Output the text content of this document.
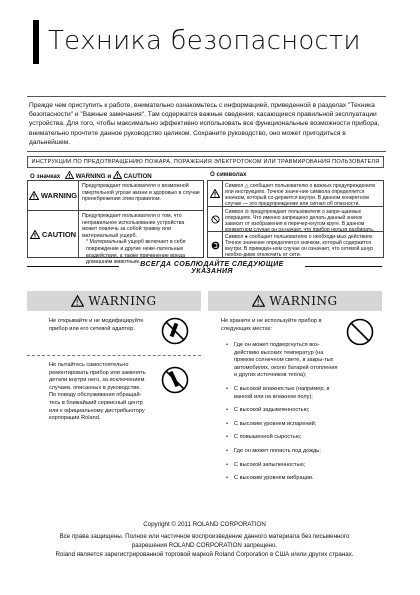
Техника безопасности
Прежде чем приступить к работе, внимательно ознакомьтесь с информацией, приведенной в разделах "Техника безопасности" и "Важные замечания". Там содержатся важные сведения, касающиеся правильной эксплуатации устройства. Для того, чтобы максимально эффективно использовать все функциональные возможности прибора, внимательно прочтите данное руководство целиком. Сохраните руководство, оно может пригодиться в дальнейшем.
ИНСТРУКЦИИ ПО ПРЕДОТВРАЩЕНИЮ ПОЖАРА, ПОРАЖЕНИЯ ЭЛЕКТРОТОКОМ ИЛИ ТРАВМИРОВАНИЯ ПОЛЬЗОВАТЕЛЯ
О значках ! WARNING и ! CAUTION
! WARNING
Предупреждает пользователя о возможной смертельной угрозе жизни и здоровью в случае пренебрежения этим правилом.
! CAUTION
Предупреждает пользователя о том, что неправильное использование устройства может повлечь за собой травму или материальный ущерб.
* Материальный ущерб включает в себя повреждение и другие неже-лательные воздействия, а также причинение вреда домашним животным.
О символах
!
Символ △ сообщает пользователю о важных предупреждениях или инструкциях. Точное значе-ние символа определяется значком, который со-держится внутри. В данном конкретном случае — это предупреждение или сигнал об опасности.
Символ ⊘ предупреждает пользователя о запре-щаемых операциях. Что именно запрещено делать данный значок зависит от изображения в перечер-кнутом круге. В данном конкретном случае он оз-начает, что прибор нельзя разбирать.
Символ ● сообщает пользователю о необходи-мых действиях. Точное значение определяется значком, который содержится внутри. В приведен-ном случае он означает, что сетевой шнур необхо-димо отключить от сети.
ВСЕГДА СОБЛЮДАЙТЕ СЛЕДУЮЩИЕ УКАЗАНИЯ
! WARNING
Не открывайте и не модифицируйте прибор или его сетевой адаптер.
Не пытайтесь самостоятельно ремонтировать прибор или заменять детали внутри него, за исключением случаев, описанных в руководстве. По поводу обслуживания обращай-тесь в ближайший сервисный центр или к официальному дистрибьютору корпорации Roland.
! WARNING
Не храните и не используйте прибор в следующих местах:
• Где он может подвергнуться воз-действию высоких температур (на прямом солнечном свете, в закры-тых автомобилях, около батарей отопления и других источников тепла);
• С высокой влажностью (например, в ванной или на влажном полу);
• С высокой задымленностью;
• С высоким уровнем испарений;
• С повышенной сыростью;
• Где он может попасть под дождь;
• С высокой запыленностью;
• С высоким уровнем вибрации.
Copyright © 2011 ROLAND CORPORATION
Все права защищены. Полное или частичное воспроизведение данного материала без письменного разрешения ROLAND CORPORATION запрещено.
Roland является зарегистрированной торговой маркой Roland Corporation в США и/или других странах.
